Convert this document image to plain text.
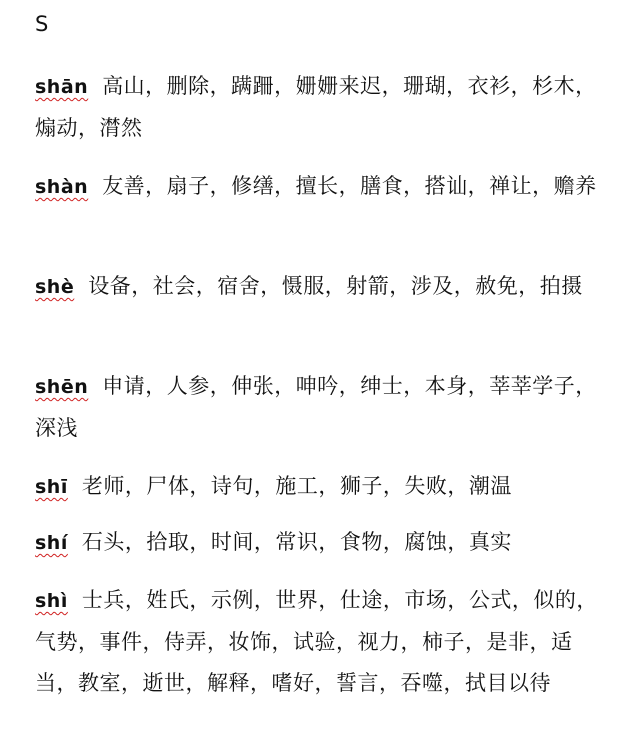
S
shān 高山，删除，蹒跚，姗姗来迟，珊瑚，衣衫，杉木，煽动，潸然
shàn 友善，扇子，修缮，擅长，膳食，搭讪，禅让，赡养
shè 设备，社会，宿舍，慑服，射箭，涉及，赦免，拍摄
shēn 申请，人参，伸张，呻吟，绅士，本身，莘莘学子，深浅
shī 老师，尸体，诗句，施工，狮子，失败，潮温
shí 石头，拾取，时间，常识，食物，腐蚀，真实
shì 士兵，姓氏，示例，世界，仕途，市场，公式，似的，气势，事件，侍弄，妆饰，试验，视力，柿子，是非，适当，教室，逝世，解释，嗜好，誓言，吞噬，拭目以待
